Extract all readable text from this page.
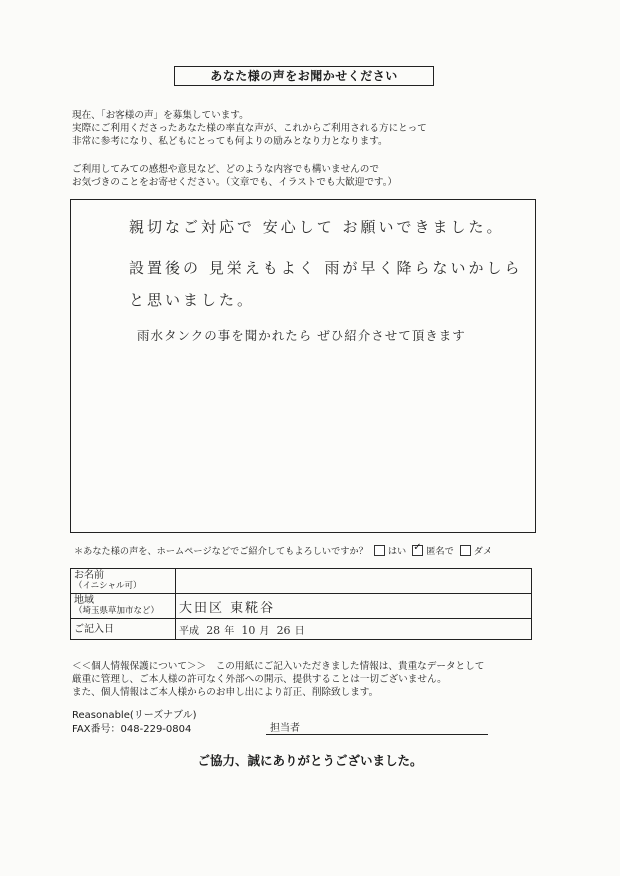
あなた様の声をお聞かせください

現在、「お客様の声」を募集しています。

実際にご利用くださったあなた様の率直な声が、これからご利用される方にとって

非常に参考になり、私どもにとっても何よりの励みとなり力となります。

ご利用してみての感想や意見など、どのような内容でも構いませんので

お気づきのことをお寄せください。（文章でも、イラストでも大歓迎です。）

親切なご対応で 安心して お願いできました。
設置後の 見栄えもよく 雨が早く降らないかしら
と思いました。
雨水タンクの事を聞かれたら ぜひ紹介させて頂きます
＊あなた様の声を、ホームページなどでご紹介してもよろしいですか？ はい ✓ 匿名で ダメ
お名前
（イニシャル可）	

地域
（埼玉県草加市など）	大田区 東糀谷
ご記入日	平成 28 年 10 月 26 日

＜＜個人情報保護について＞＞　この用紙にご記入いただきました情報は、貴重なデータとして

厳重に管理し、ご本人様の許可なく外部への開示、提供することは一切ございません。

また、個人情報はご本人様からのお申し出により訂正、削除致します。

Reasonable(リーズナブル)
FAX番号：048-229-0804	担当者
ご協力、誠にありがとうございました。
